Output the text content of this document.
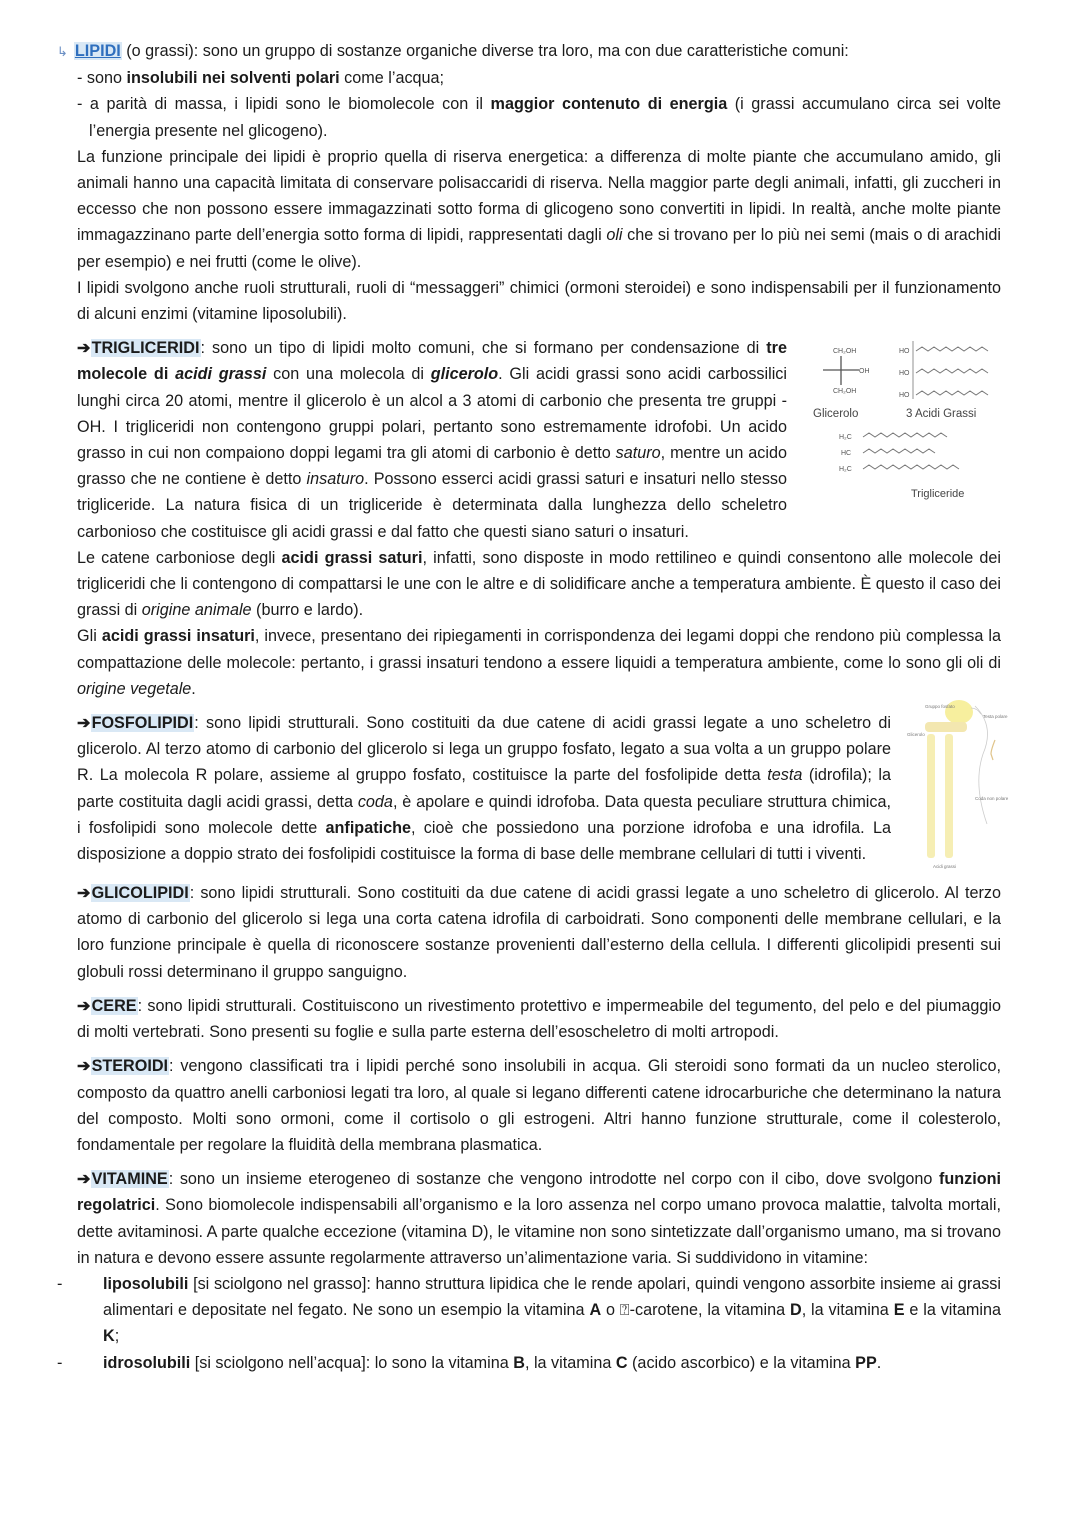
↳ LIPIDI (o grassi): sono un gruppo di sostanze organiche diverse tra loro, ma con due caratteristiche comuni:

- sono insolubili nei solventi polari come l’acqua;

- a parità di massa, i lipidi sono le biomolecole con il maggior contenuto di energia (i grassi accumulano circa sei volte l’energia presente nel glicogeno).

La funzione principale dei lipidi è proprio quella di riserva energetica: a differenza di molte piante che accumulano amido, gli animali hanno una capacità limitata di conservare polisaccaridi di riserva. Nella maggior parte degli animali, infatti, gli zuccheri in eccesso che non possono essere immagazzinati sotto forma di glicogeno sono convertiti in lipidi. In realtà, anche molte piante immagazzinano parte dell’energia sotto forma di lipidi, rappresentati dagli oli che si trovano per lo più nei semi (mais o di arachidi per esempio) e nei frutti (come le olive).

I lipidi svolgono anche ruoli strutturali, ruoli di “messaggeri” chimici (ormoni steroidei) e sono indispensabili per il funzionamento di alcuni enzimi (vitamine liposolubili).

CH₂OH
OH
CH₂OH
HO
HO
HO
Glicerolo	3 Acidi Grassi
H₂C
HC
H₂C
Trigliceride

➔TRIGLICERIDI: sono un tipo di lipidi molto comuni, che si formano per condensazione di tre molecole di acidi grassi con una molecola di glicerolo. Gli acidi grassi sono acidi carbossilici lunghi circa 20 atomi, mentre il glicerolo è un alcol a 3 atomi di carbonio che presenta tre gruppi -OH. I trigliceridi non contengono gruppi polari, pertanto sono estremamente idrofobi. Un acido grasso in cui non compaiono doppi legami tra gli atomi di carbonio è detto saturo, mentre un acido grasso che ne contiene è detto insaturo. Possono esserci acidi grassi saturi e insaturi nello stesso trigliceride. La natura fisica di un trigliceride è determinata dalla lunghezza dello scheletro carbonioso che costituisce gli acidi grassi e dal fatto che questi siano saturi o insaturi.

Le catene carboniose degli acidi grassi saturi, infatti, sono disposte in modo rettilineo e quindi consentono alle molecole dei trigliceridi che li contengono di compattarsi le une con le altre e di solidificare anche a temperatura ambiente. È questo il caso dei grassi di origine animale (burro e lardo).

Gli acidi grassi insaturi, invece, presentano dei ripiegamenti in corrispondenza dei legami doppi che rendono più complessa la compattazione delle molecole: pertanto, i grassi insaturi tendono a essere liquidi a temperatura ambiente, come lo sono gli oli di origine vegetale.

Gruppo fosfato
Testa polare
Coda non polare
Glicerolo
Acidi grassi

➔FOSFOLIPIDI: sono lipidi strutturali. Sono costituiti da due catene di acidi grassi legate a uno scheletro di glicerolo. Al terzo atomo di carbonio del glicerolo si lega un gruppo fosfato, legato a sua volta a un gruppo polare R. La molecola R polare, assieme al gruppo fosfato, costituisce la parte del fosfolipide detta testa (idrofila); la parte costituita dagli acidi grassi, detta coda, è apolare e quindi idrofoba. Data questa peculiare struttura chimica, i fosfolipidi sono molecole dette anfipatiche, cioè che possiedono una porzione idrofoba e una idrofila. La disposizione a doppio strato dei fosfolipidi costituisce la forma di base delle membrane cellulari di tutti i viventi.

➔GLICOLIPIDI: sono lipidi strutturali. Sono costituiti da due catene di acidi grassi legate a uno scheletro di glicerolo. Al terzo atomo di carbonio del glicerolo si lega una corta catena idrofila di carboidrati. Sono componenti delle membrane cellulari, e la loro funzione principale è quella di riconoscere sostanze provenienti dall’esterno della cellula. I differenti glicolipidi presenti sui globuli rossi determinano il gruppo sanguigno.

➔CERE: sono lipidi strutturali. Costituiscono un rivestimento protettivo e impermeabile del tegumento, del pelo e del piumaggio di molti vertebrati. Sono presenti su foglie e sulla parte esterna dell’esoscheletro di molti artropodi.

➔STEROIDI: vengono classificati tra i lipidi perché sono insolubili in acqua. Gli steroidi sono formati da un nucleo sterolico, composto da quattro anelli carboniosi legati tra loro, al quale si legano differenti catene idrocarburiche che determinano la natura del composto. Molti sono ormoni, come il cortisolo o gli estrogeni. Altri hanno funzione strutturale, come il colesterolo, fondamentale per regolare la fluidità della membrana plasmatica.

➔VITAMINE: sono un insieme eterogeneo di sostanze che vengono introdotte nel corpo con il cibo, dove svolgono funzioni regolatrici. Sono biomolecole indispensabili all’organismo e la loro assenza nel corpo umano provoca malattie, talvolta mortali, dette avitaminosi. A parte qualche eccezione (vitamina D), le vitamine non sono sintetizzate dall’organismo umano, ma si trovano in natura e devono essere assunte regolarmente attraverso un’alimentazione varia. Si suddividono in vitamine:

-	liposolubili [si sciolgono nel grasso]: hanno struttura lipidica che le rende apolari, quindi vengono assorbite insieme ai grassi alimentari e depositate nel fegato. Ne sono un esempio la vitamina A o ⍰-carotene, la vitamina D, la vitamina E e la vitamina K;

-	idrosolubili [si sciolgono nell’acqua]: lo sono la vitamina B, la vitamina C (acido ascorbico) e la vitamina PP.
